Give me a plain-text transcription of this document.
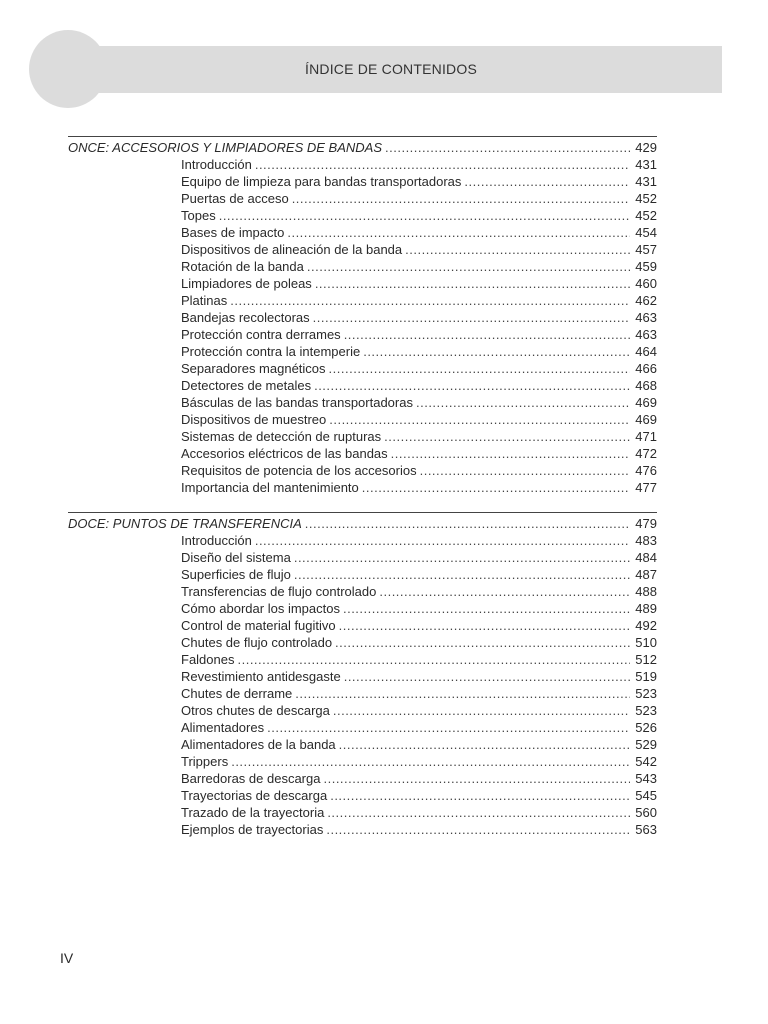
ÍNDICE DE CONTENIDOS
ONCE: ACCESORIOS Y LIMPIADORES DE BANDAS .....	429
Introducción .....	431
Equipo de limpieza para bandas transportadoras .....	431
Puertas de acceso .....	452
Topes .....	452
Bases de impacto .....	454
Dispositivos de alineación de la banda .....	457
Rotación de la banda .....	459
Limpiadores de poleas .....	460
Platinas .....	462
Bandejas recolectoras .....	463
Protección contra derrames .....	463
Protección contra la intemperie .....	464
Separadores magnéticos .....	466
Detectores de metales .....	468
Básculas de las bandas transportadoras .....	469
Dispositivos de muestreo .....	469
Sistemas de detección de rupturas .....	471
Accesorios eléctricos de las bandas .....	472
Requisitos de potencia de los accesorios .....	476
Importancia del mantenimiento .....	477
DOCE: PUNTOS DE TRANSFERENCIA .....	479
Introducción .....	483
Diseño del sistema .....	484
Superficies de flujo .....	487
Transferencias de flujo controlado .....	488
Cómo abordar los impactos .....	489
Control de material fugitivo .....	492
Chutes de flujo controlado .....	510
Faldones .....	512
Revestimiento antidesgaste .....	519
Chutes de derrame .....	523
Otros chutes de descarga .....	523
Alimentadores .....	526
Alimentadores de la banda .....	529
Trippers .....	542
Barredoras de descarga .....	543
Trayectorias de descarga .....	545
Trazado de la trayectoria .....	560
Ejemplos de trayectorias .....	563
IV
